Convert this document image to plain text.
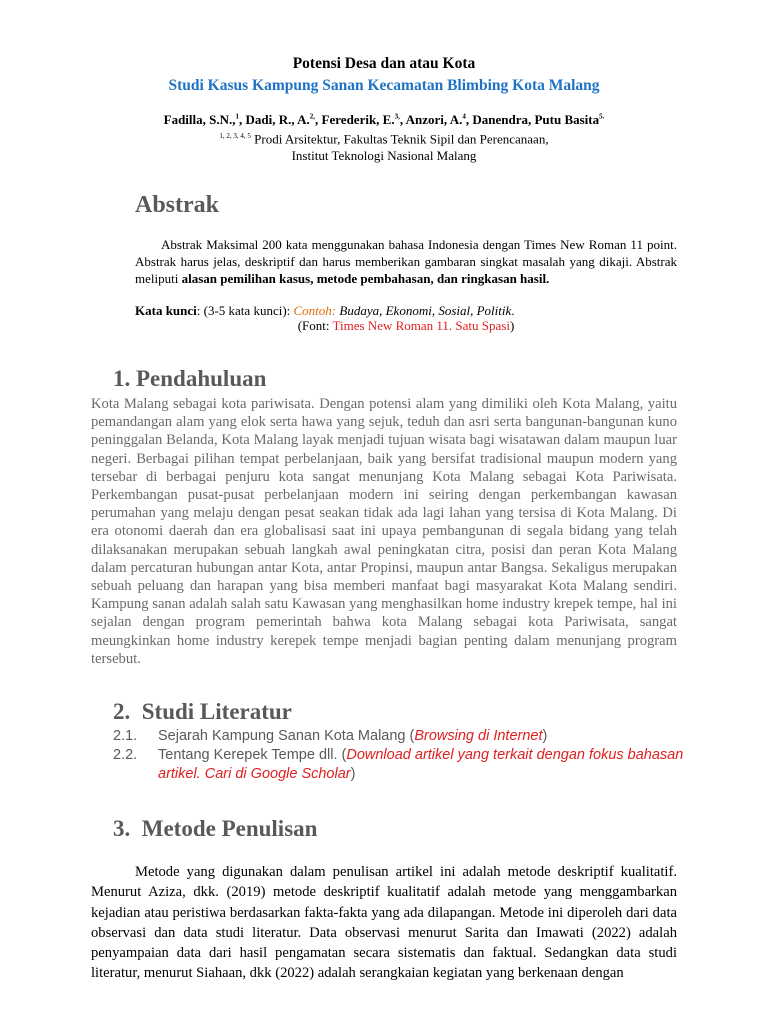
Potensi Desa dan atau Kota
Studi Kasus Kampung Sanan Kecamatan Blimbing Kota Malang
Fadilla, S.N.,$^1$, Dadi, R., A.$^{2,}$, Ferederik, E.$^{3,}$, Anzori, A.$^4$, Danendra, Putu Basita$^{5.}$
$^{1, 2, 3, 4, 5}$ Prodi Arsitektur, Fakultas Teknik Sipil dan Perencanaan,
Institut Teknologi Nasional Malang
Abstrak
Abstrak Maksimal 200 kata menggunakan bahasa Indonesia dengan Times New Roman 11 point. Abstrak harus jelas, deskriptif dan harus memberikan gambaran singkat masalah yang dikaji. Abstrak meliputi alasan pemilihan kasus, metode pembahasan, dan ringkasan hasil.
Kata kunci: (3-5 kata kunci): Contoh: Budaya, Ekonomi, Sosial, Politik.
(Font: Times New Roman 11. Satu Spasi)
1. Pendahuluan
Kota Malang sebagai kota pariwisata. Dengan potensi alam yang dimiliki oleh Kota Malang, yaitu pemandangan alam yang elok serta hawa yang sejuk, teduh dan asri serta bangunan-bangunan kuno peninggalan Belanda, Kota Malang layak menjadi tujuan wisata bagi wisatawan dalam maupun luar negeri. Berbagai pilihan tempat perbelanjaan, baik yang bersifat tradisional maupun modern yang tersebar di berbagai penjuru kota sangat menunjang Kota Malang sebagai Kota Pariwisata. Perkembangan pusat-pusat perbelanjaan modern ini seiring dengan perkembangan kawasan perumahan yang melaju dengan pesat seakan tidak ada lagi lahan yang tersisa di Kota Malang. Di era otonomi daerah dan era globalisasi saat ini upaya pembangunan di segala bidang yang telah dilaksanakan merupakan sebuah langkah awal peningkatan citra, posisi dan peran Kota Malang dalam percaturan hubungan antar Kota, antar Propinsi, maupun antar Bangsa. Sekaligus merupakan sebuah peluang dan harapan yang bisa memberi manfaat bagi masyarakat Kota Malang sendiri. Kampung sanan adalah salah satu Kawasan yang menghasilkan home industry krepek tempe, hal ini sejalan dengan program pemerintah bahwa kota Malang sebagai kota Pariwisata, sangat meungkinkan home industry kerepek tempe menjadi bagian penting dalam menunjang program tersebut.
2. Studi Literatur
2.1.	Sejarah Kampung Sanan Kota Malang (Browsing di Internet)
2.2.	Tentang Kerepek Tempe dll. (Download artikel yang terkait dengan fokus bahasan artikel. Cari di Google Scholar)
3. Metode Penulisan
Metode yang digunakan dalam penulisan artikel ini adalah metode deskriptif kualitatif. Menurut Aziza, dkk. (2019) metode deskriptif kualitatif adalah metode yang menggambarkan kejadian atau peristiwa berdasarkan fakta-fakta yang ada dilapangan. Metode ini diperoleh dari data observasi dan data studi literatur. Data observasi menurut Sarita dan Imawati (2022) adalah penyampaian data dari hasil pengamatan secara sistematis dan faktual. Sedangkan data studi literatur, menurut Siahaan, dkk (2022) adalah serangkaian kegiatan yang berkenaan dengan
